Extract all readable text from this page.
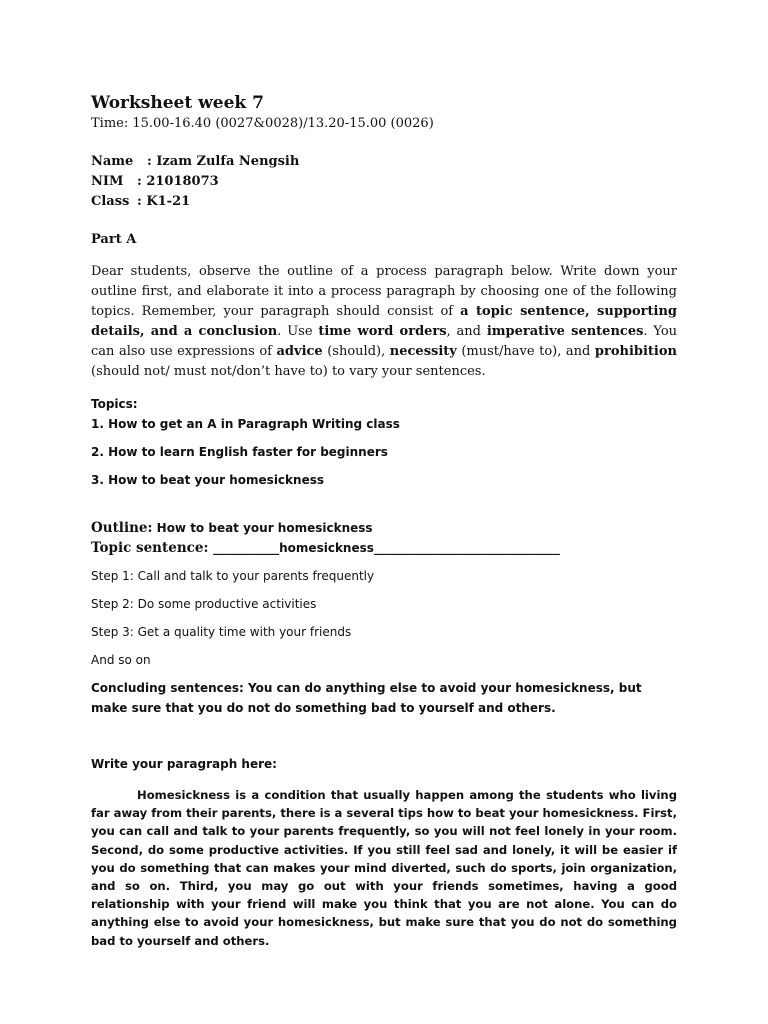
Worksheet week 7

Time: 15.00-16.40 (0027&0028)/13.20-15.00 (0026)

Name : Izam Zulfa Nengsih

NIM : 21018073

Class : K1-21

Part A

Dear students, observe the outline of a process paragraph below. Write down your outline first, and elaborate it into a process paragraph by choosing one of the following topics. Remember, your paragraph should consist of a topic sentence, supporting details, and a conclusion. Use time word orders, and imperative sentences. You can also use expressions of advice (should), necessity (must/have to), and prohibition (should not/ must not/don’t have to) to vary your sentences.

Topics:

1. How to get an A in Paragraph Writing class

2. How to learn English faster for beginners

3. How to beat your homesickness

Outline: How to beat your homesickness

Topic sentence: ___________homesickness_______________________________

Step 1: Call and talk to your parents frequently

Step 2: Do some productive activities

Step 3: Get a quality time with your friends

And so on

Concluding sentences: You can do anything else to avoid your homesickness, but make sure that you do not do something bad to yourself and others.

Write your paragraph here:

Homesickness is a condition that usually happen among the students who living far away from their parents, there is a several tips how to beat your homesickness. First, you can call and talk to your parents frequently, so you will not feel lonely in your room. Second, do some productive activities. If you still feel sad and lonely, it will be easier if you do something that can makes your mind diverted, such do sports, join organization, and so on. Third, you may go out with your friends sometimes, having a good relationship with your friend will make you think that you are not alone. You can do anything else to avoid your homesickness, but make sure that you do not do something bad to yourself and others.
